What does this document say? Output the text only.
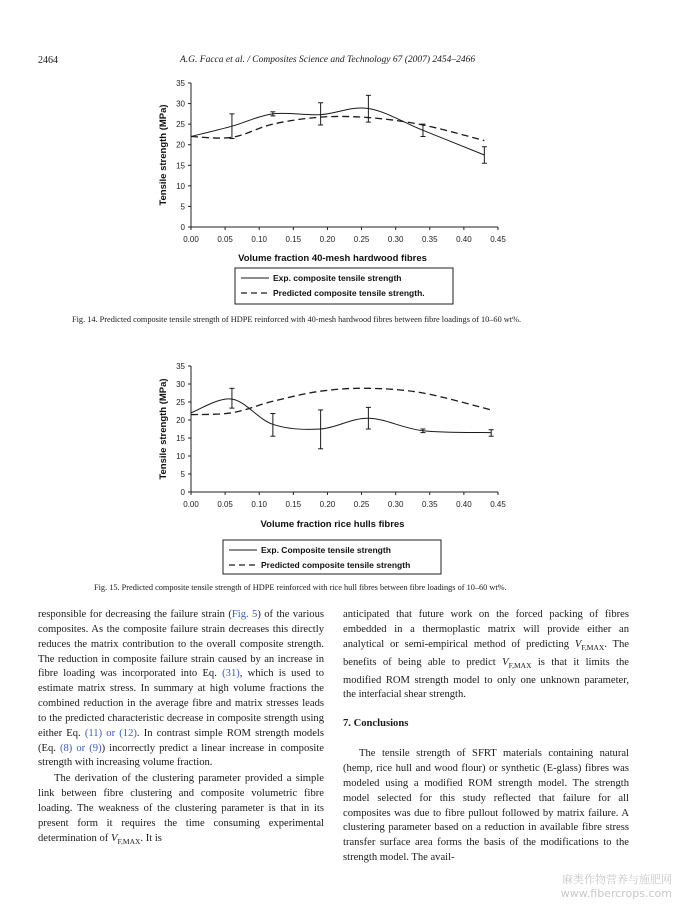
2464	A.G. Facca et al. / Composites Science and Technology 67 (2007) 2454–2466
0
5
10
15
20
25
30
35
0.00 0.05 0.10 0.15 0.20 0.25 0.30 0.35 0.40 0.45
Volume fraction 40-mesh hardwood fibres
Tensile strength (MPa)
Exp. composite tensile strength
Predicted composite tensile strength.
Fig. 14. Predicted composite tensile strength of HDPE reinforced with 40-mesh hardwood fibres between fibre loadings of 10–60 wt%.
0
5
10
15
20
25
30
35
0.00 0.05 0.10 0.15 0.20 0.25 0.30 0.35 0.40 0.45
Volume fraction rice hulls fibres
Tensile strength (MPa)
Exp. Composite tensile strength
Predicted composite tensile strength
Fig. 15. Predicted composite tensile strength of HDPE reinforced with rice hull fibres between fibre loadings of 10–60 wt%.

responsible for decreasing the failure strain (Fig. 5) of the various composites. As the composite failure strain decreases this directly reduces the matrix contribution to the overall composite strength. The reduction in composite failure strain caused by an increase in fibre loading was incorporated into Eq. (31), which is used to estimate matrix stress. In summary at high volume fractions the combined reduction in the average fibre and matrix stresses leads to the predicted characteristic decrease in composite strength using either Eq. (11) or (12). In contrast simple ROM strength models (Eq. (8) or (9)) incorrectly predict a linear increase in composite strength with increasing volume fraction.

The derivation of the clustering parameter provided a simple link between fibre clustering and composite volumetric fibre loading. The weakness of the clustering parameter is that in its present form it requires the time consuming experimental determination of $V_{F,MAX}$. It is

anticipated that future work on the forced packing of fibres embedded in a thermoplastic matrix will provide either an analytical or semi-empirical method of predicting $V_{F,MAX}$. The benefits of being able to predict $V_{F,MAX}$ is that it limits the modified ROM strength model to only one unknown parameter, the interfacial shear strength.

7. Conclusions

The tensile strength of SFRT materials containing natural (hemp, rice hull and wood flour) or synthetic (E-glass) fibres was modeled using a modified ROM strength model. The strength model selected for this study reflected that failure for all composites was due to fibre pullout followed by matrix failure. A clustering parameter based on a reduction in available fibre stress transfer surface area forms the basis of the modifications to the strength model. The avail-

麻类作物营养与施肥网
www.fibercrops.com
